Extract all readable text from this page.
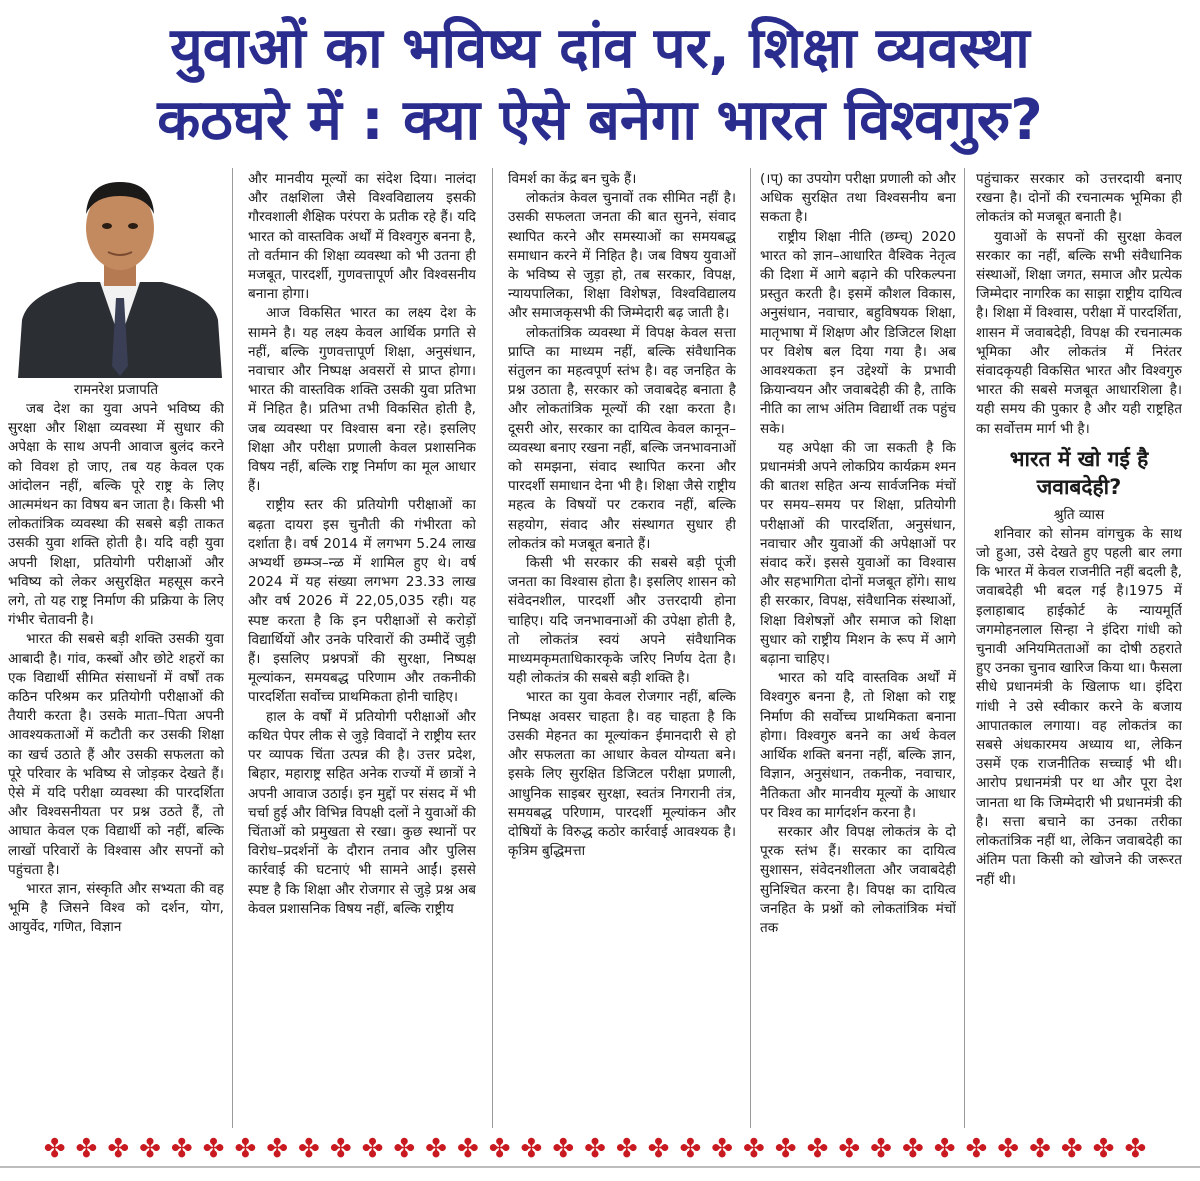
युवाओं का भविष्य दांव पर, शिक्षा व्यवस्था
कठघरे में : क्या ऐसे बनेगा भारत विश्वगुरु?
रामनरेश प्रजापति

जब देश का युवा अपने भविष्य की सुरक्षा और शिक्षा व्यवस्था में सुधार की अपेक्षा के साथ अपनी आवाज बुलंद करने को विवश हो जाए, तब यह केवल एक आंदोलन नहीं, बल्कि पूरे राष्ट्र के लिए आत्ममंथन का विषय बन जाता है। किसी भी लोकतांत्रिक व्यवस्था की सबसे बड़ी ताकत उसकी युवा शक्ति होती है। यदि वही युवा अपनी शिक्षा, प्रतियोगी परीक्षाओं और भविष्य को लेकर असुरक्षित महसूस करने लगे, तो यह राष्ट्र निर्माण की प्रक्रिया के लिए गंभीर चेतावनी है।

भारत की सबसे बड़ी शक्ति उसकी युवा आबादी है। गांव, कस्बों और छोटे शहरों का एक विद्यार्थी सीमित संसाधनों में वर्षों तक कठिन परिश्रम कर प्रतियोगी परीक्षाओं की तैयारी करता है। उसके माता–पिता अपनी आवश्यकताओं में कटौती कर उसकी शिक्षा का खर्च उठाते हैं और उसकी सफलता को पूरे परिवार के भविष्य से जोड़कर देखते हैं। ऐसे में यदि परीक्षा व्यवस्था की पारदर्शिता और विश्वसनीयता पर प्रश्न उठते हैं, तो आघात केवल एक विद्यार्थी को नहीं, बल्कि लाखों परिवारों के विश्वास और सपनों को पहुंचता है।

भारत ज्ञान, संस्कृति और सभ्यता की वह भूमि है जिसने विश्व को दर्शन, योग, आयुर्वेद, गणित, विज्ञान

और मानवीय मूल्यों का संदेश दिया। नालंदा और तक्षशिला जैसे विश्वविद्यालय इसकी गौरवशाली शैक्षिक परंपरा के प्रतीक रहे हैं। यदि भारत को वास्तविक अर्थों में विश्वगुरु बनना है, तो वर्तमान की शिक्षा व्यवस्था को भी उतना ही मजबूत, पारदर्शी, गुणवत्तापूर्ण और विश्वसनीय बनाना होगा।

आज विकसित भारत का लक्ष्य देश के सामने है। यह लक्ष्य केवल आर्थिक प्रगति से नहीं, बल्कि गुणवत्तापूर्ण शिक्षा, अनुसंधान, नवाचार और निष्पक्ष अवसरों से प्राप्त होगा। भारत की वास्तविक शक्ति उसकी युवा प्रतिभा में निहित है। प्रतिभा तभी विकसित होती है, जब व्यवस्था पर विश्वास बना रहे। इसलिए शिक्षा और परीक्षा प्रणाली केवल प्रशासनिक विषय नहीं, बल्कि राष्ट्र निर्माण का मूल आधार हैं।

राष्ट्रीय स्तर की प्रतियोगी परीक्षाओं का बढ़ता दायरा इस चुनौती की गंभीरता को दर्शाता है। वर्ष 2014 में लगभग 5.24 लाख अभ्यर्थी छम्म्ञ–न्ळ में शामिल हुए थे। वर्ष 2024 में यह संख्या लगभग 23.33 लाख और वर्ष 2026 में 22,05,035 रही। यह स्पष्ट करता है कि इन परीक्षाओं से करोड़ों विद्यार्थियों और उनके परिवारों की उम्मीदें जुड़ी हैं। इसलिए प्रश्नपत्रों की सुरक्षा, निष्पक्ष मूल्यांकन, समयबद्ध परिणाम और तकनीकी पारदर्शिता सर्वोच्च प्राथमिकता होनी चाहिए।

हाल के वर्षों में प्रतियोगी परीक्षाओं और कथित पेपर लीक से जुड़े विवादों ने राष्ट्रीय स्तर पर व्यापक चिंता उत्पन्न की है। उत्तर प्रदेश, बिहार, महाराष्ट्र सहित अनेक राज्यों में छात्रों ने अपनी आवाज उठाई। इन मुद्दों पर संसद में भी चर्चा हुई और विभिन्न विपक्षी दलों ने युवाओं की चिंताओं को प्रमुखता से रखा। कुछ स्थानों पर विरोध–प्रदर्शनों के दौरान तनाव और पुलिस कार्रवाई की घटनाएं भी सामने आईं। इससे स्पष्ट है कि शिक्षा और रोजगार से जुड़े प्रश्न अब केवल प्रशासनिक विषय नहीं, बल्कि राष्ट्रीय

विमर्श का केंद्र बन चुके हैं।

लोकतंत्र केवल चुनावों तक सीमित नहीं है। उसकी सफलता जनता की बात सुनने, संवाद स्थापित करने और समस्याओं का समयबद्ध समाधान करने में निहित है। जब विषय युवाओं के भविष्य से जुड़ा हो, तब सरकार, विपक्ष, न्यायपालिका, शिक्षा विशेषज्ञ, विश्वविद्यालय और समाजकृसभी की जिम्मेदारी बढ़ जाती है।

लोकतांत्रिक व्यवस्था में विपक्ष केवल सत्ता प्राप्ति का माध्यम नहीं, बल्कि संवैधानिक संतुलन का महत्वपूर्ण स्तंभ है। वह जनहित के प्रश्न उठाता है, सरकार को जवाबदेह बनाता है और लोकतांत्रिक मूल्यों की रक्षा करता है। दूसरी ओर, सरकार का दायित्व केवल कानून–व्यवस्था बनाए रखना नहीं, बल्कि जनभावनाओं को समझना, संवाद स्थापित करना और पारदर्शी समाधान देना भी है। शिक्षा जैसे राष्ट्रीय महत्व के विषयों पर टकराव नहीं, बल्कि सहयोग, संवाद और संस्थागत सुधार ही लोकतंत्र को मजबूत बनाते हैं।

किसी भी सरकार की सबसे बड़ी पूंजी जनता का विश्वास होता है। इसलिए शासन को संवेदनशील, पारदर्शी और उत्तरदायी होना चाहिए। यदि जनभावनाओं की उपेक्षा होती है, तो लोकतंत्र स्वयं अपने संवैधानिक माध्यमकृमताधिकारकृके जरिए निर्णय देता है। यही लोकतंत्र की सबसे बड़ी शक्ति है।

भारत का युवा केवल रोजगार नहीं, बल्कि निष्पक्ष अवसर चाहता है। वह चाहता है कि उसकी मेहनत का मूल्यांकन ईमानदारी से हो और सफलता का आधार केवल योग्यता बने। इसके लिए सुरक्षित डिजिटल परीक्षा प्रणाली, आधुनिक साइबर सुरक्षा, स्वतंत्र निगरानी तंत्र, समयबद्ध परिणाम, पारदर्शी मूल्यांकन और दोषियों के विरुद्ध कठोर कार्रवाई आवश्यक है। कृत्रिम बुद्धिमत्ता

(।प्) का उपयोग परीक्षा प्रणाली को और अधिक सुरक्षित तथा विश्वसनीय बना सकता है।

राष्ट्रीय शिक्षा नीति (छम्च्) 2020 भारत को ज्ञान–आधारित वैश्विक नेतृत्व की दिशा में आगे बढ़ाने की परिकल्पना प्रस्तुत करती है। इसमें कौशल विकास, अनुसंधान, नवाचार, बहुविषयक शिक्षा, मातृभाषा में शिक्षण और डिजिटल शिक्षा पर विशेष बल दिया गया है। अब आवश्यकता इन उद्देश्यों के प्रभावी क्रियान्वयन और जवाबदेही की है, ताकि नीति का लाभ अंतिम विद्यार्थी तक पहुंच सके।

यह अपेक्षा की जा सकती है कि प्रधानमंत्री अपने लोकप्रिय कार्यक्रम श्मन की बातश सहित अन्य सार्वजनिक मंचों पर समय–समय पर शिक्षा, प्रतियोगी परीक्षाओं की पारदर्शिता, अनुसंधान, नवाचार और युवाओं की अपेक्षाओं पर संवाद करें। इससे युवाओं का विश्वास और सहभागिता दोनों मजबूत होंगे। साथ ही सरकार, विपक्ष, संवैधानिक संस्थाओं, शिक्षा विशेषज्ञों और समाज को शिक्षा सुधार को राष्ट्रीय मिशन के रूप में आगे बढ़ाना चाहिए।

भारत को यदि वास्तविक अर्थों में विश्वगुरु बनना है, तो शिक्षा को राष्ट्र निर्माण की सर्वोच्च प्राथमिकता बनाना होगा। विश्वगुरु बनने का अर्थ केवल आर्थिक शक्ति बनना नहीं, बल्कि ज्ञान, विज्ञान, अनुसंधान, तकनीक, नवाचार, नैतिकता और मानवीय मूल्यों के आधार पर विश्व का मार्गदर्शन करना है।

सरकार और विपक्ष लोकतंत्र के दो पूरक स्तंभ हैं। सरकार का दायित्व सुशासन, संवेदनशीलता और जवाबदेही सुनिश्चित करना है। विपक्ष का दायित्व जनहित के प्रश्नों को लोकतांत्रिक मंचों तक

पहुंचाकर सरकार को उत्तरदायी बनाए रखना है। दोनों की रचनात्मक भूमिका ही लोकतंत्र को मजबूत बनाती है।

युवाओं के सपनों की सुरक्षा केवल सरकार का नहीं, बल्कि सभी संवैधानिक संस्थाओं, शिक्षा जगत, समाज और प्रत्येक जिम्मेदार नागरिक का साझा राष्ट्रीय दायित्व है। शिक्षा में विश्वास, परीक्षा में पारदर्शिता, शासन में जवाबदेही, विपक्ष की रचनात्मक भूमिका और लोकतंत्र में निरंतर संवादकृयही विकसित भारत और विश्वगुरु भारत की सबसे मजबूत आधारशिला है। यही समय की पुकार है और यही राष्ट्रहित का सर्वोत्तम मार्ग भी है।

भारत में खो गई है जवाबदेही?
श्रुति व्यास

शनिवार को सोनम वांगचुक के साथ जो हुआ, उसे देखते हुए पहली बार लगा कि भारत में केवल राजनीति नहीं बदली है, जवाबदेही भी बदल गई है।1975 में इलाहाबाद हाईकोर्ट के न्यायमूर्ति जगमोहनलाल सिन्हा ने इंदिरा गांधी को चुनावी अनियमितताओं का दोषी ठहराते हुए उनका चुनाव खारिज किया था। फैसला सीधे प्रधानमंत्री के खिलाफ था। इंदिरा गांधी ने उसे स्वीकार करने के बजाय आपातकाल लगाया। वह लोकतंत्र का सबसे अंधकारमय अध्याय था, लेकिन उसमें एक राजनीतिक सच्चाई भी थी। आरोप प्रधानमंत्री पर था और पूरा देश जानता था कि जिम्मेदारी भी प्रधानमंत्री की है। सत्ता बचाने का उनका तरीका लोकतांत्रिक नहीं था, लेकिन जवाबदेही का अंतिम पता किसी को खोजने की जरूरत नहीं थी।

✤✤✤✤✤✤✤✤✤✤✤✤✤✤✤✤✤✤✤✤✤✤✤✤✤✤✤✤✤✤✤✤✤✤✤
